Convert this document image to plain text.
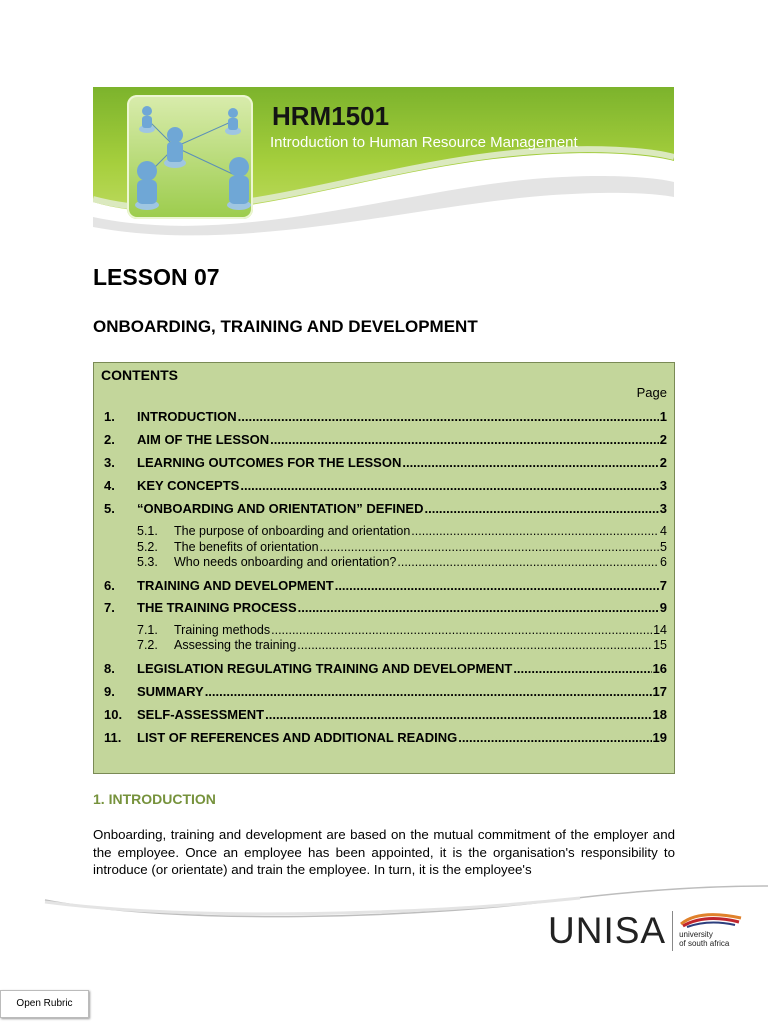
HRM1501
Introduction to Human Resource Management
LESSON 07
ONBOARDING, TRAINING AND DEVELOPMENT
CONTENTS
Page
1.	INTRODUCTION .....	1
2.	AIM OF THE LESSON .....	2
3.	LEARNING OUTCOMES FOR THE LESSON .....	2
4.	KEY CONCEPTS .....	3
5.	“ONBOARDING AND ORIENTATION” DEFINED .....	3
5.1.	The purpose of onboarding and orientation .....	4
5.2.	The benefits of orientation .....	5
5.3.	Who needs onboarding and orientation? .....	6
6.	TRAINING AND DEVELOPMENT .....	7
7.	THE TRAINING PROCESS .....	9
7.1.	Training methods .....	14
7.2.	Assessing the training .....	15
8.	LEGISLATION REGULATING TRAINING AND DEVELOPMENT .....	16
9.	SUMMARY .....	17
10.	SELF-ASSESSMENT .....	18
11.	LIST OF REFERENCES AND ADDITIONAL READING .....	19
1. INTRODUCTION
Onboarding, training and development are based on the mutual commitment of the employer and the employee. Once an employee has been appointed, it is the organisation's responsibility to introduce (or orientate) and train the employee. In turn, it is the employee's
UNISA university
of south africa
Open Rubric
